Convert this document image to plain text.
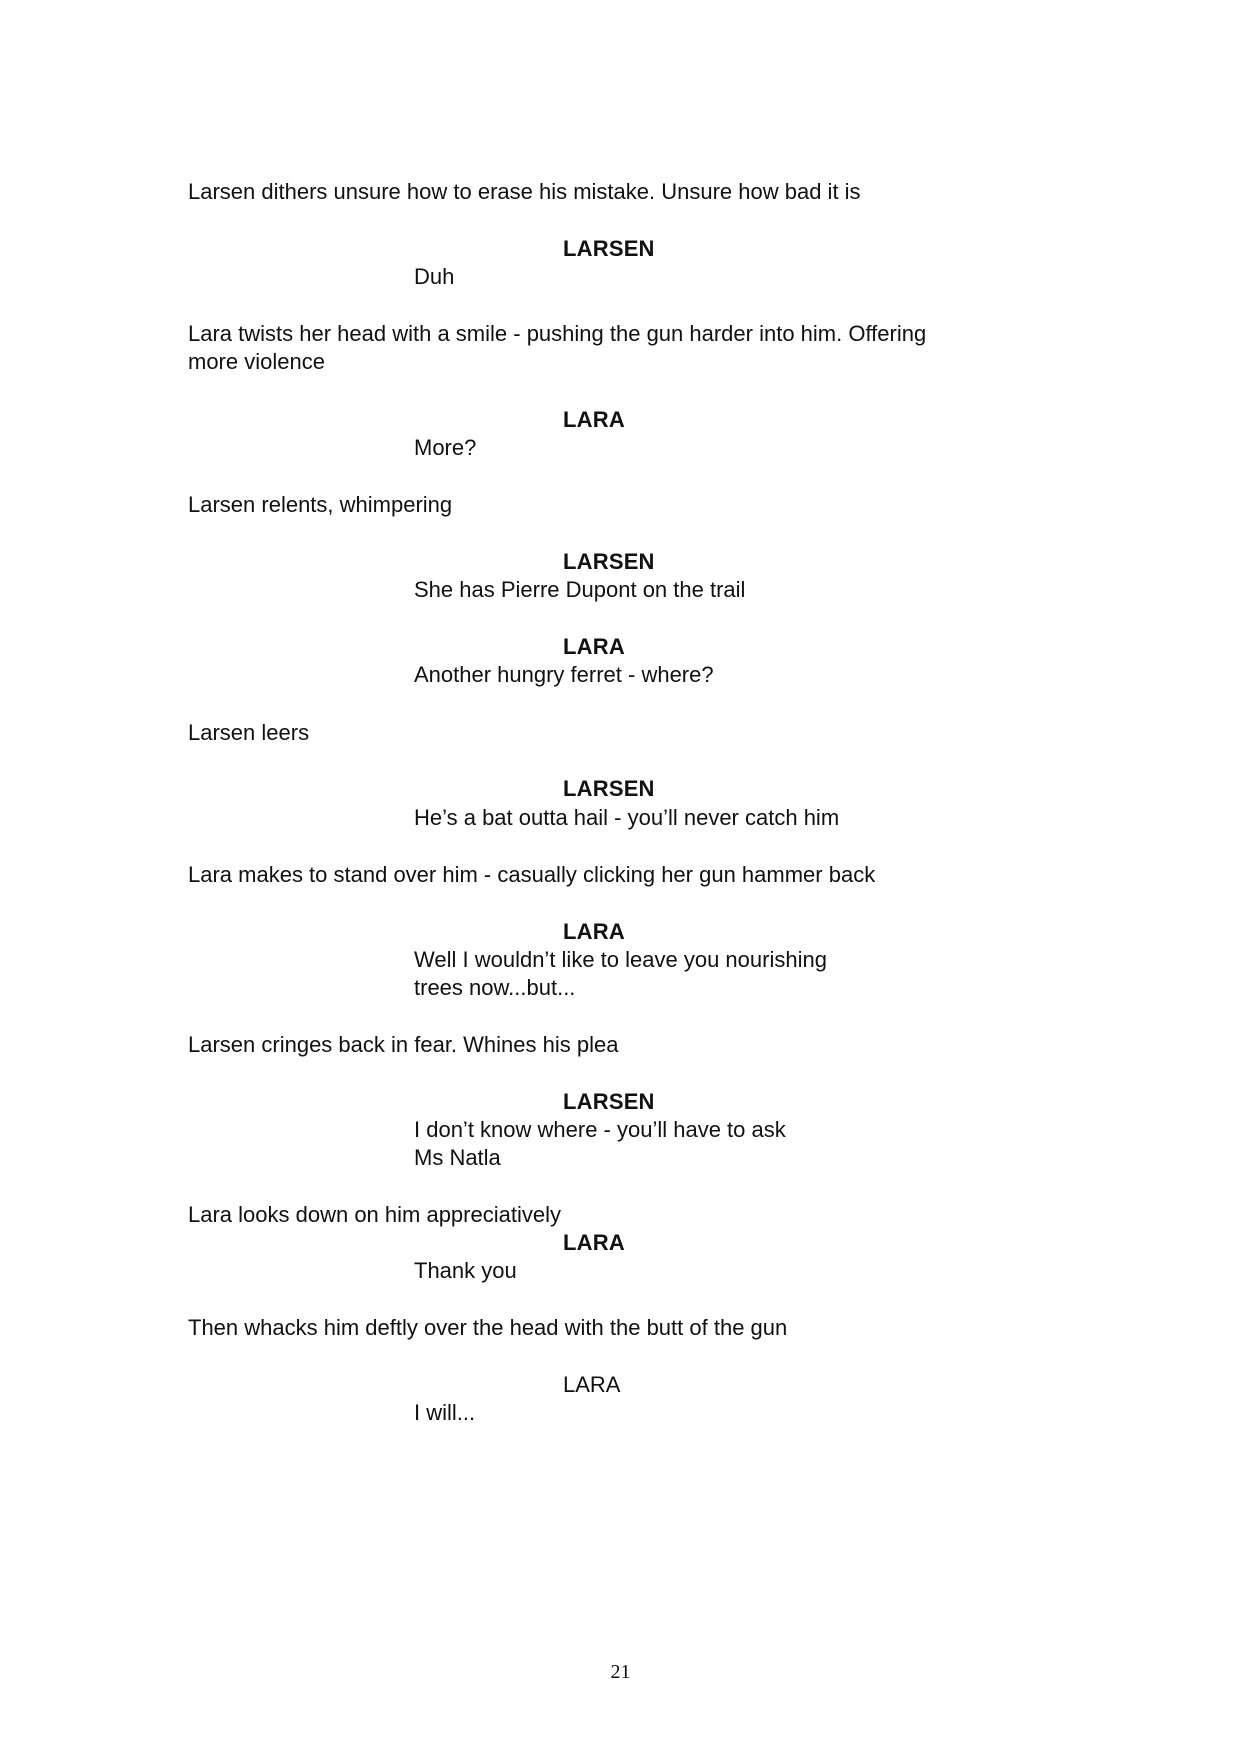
Larsen dithers unsure how to erase his mistake. Unsure how bad it is
LARSEN
Duh
Lara twists her head with a smile - pushing the gun harder into him. Offering
more violence
LARA
More?
Larsen relents, whimpering
LARSEN
She has Pierre Dupont on the trail
LARA
Another hungry ferret - where?
Larsen leers
LARSEN
He’s a bat outta hail - you’ll never catch him
Lara makes to stand over him - casually clicking her gun hammer back
LARA
Well I wouldn’t like to leave you nourishing
trees now...but...
Larsen cringes back in fear. Whines his plea
LARSEN
I don’t know where - you’ll have to ask
Ms Natla
Lara looks down on him appreciatively
LARA
Thank you
Then whacks him deftly over the head with the butt of the gun
LARA
I will...
21
